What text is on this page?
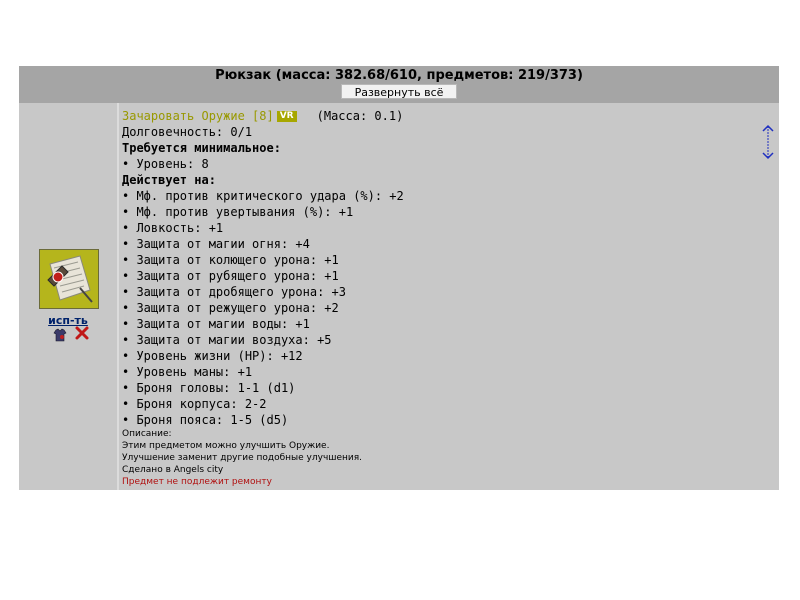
Рюкзак (масса: 382.68/610, предметов: 219/373)
Развернуть всё
исп-ть
Зачаровать Оружие [8] VR (Масса: 0.1)
Долговечность: 0/1
Требуется минимальное:
• Уровень: 8
Действует на:
• Мф. против критического удара (%): +2
• Мф. против увертывания (%): +1
• Ловкость: +1
• Защита от магии огня: +4
• Защита от колющего урона: +1
• Защита от рубящего урона: +1
• Защита от дробящего урона: +3
• Защита от режущего урона: +2
• Защита от магии воды: +1
• Защита от магии воздуха: +5
• Уровень жизни (HP): +12
• Уровень маны: +1
• Броня головы: 1-1 (d1)
• Броня корпуса: 2-2
• Броня пояса: 1-5 (d5)
Описание:
Этим предметом можно улучшить Оружие.
Улучшение заменит другие подобные улучшения.
Сделано в Angels city
Предмет не подлежит ремонту
